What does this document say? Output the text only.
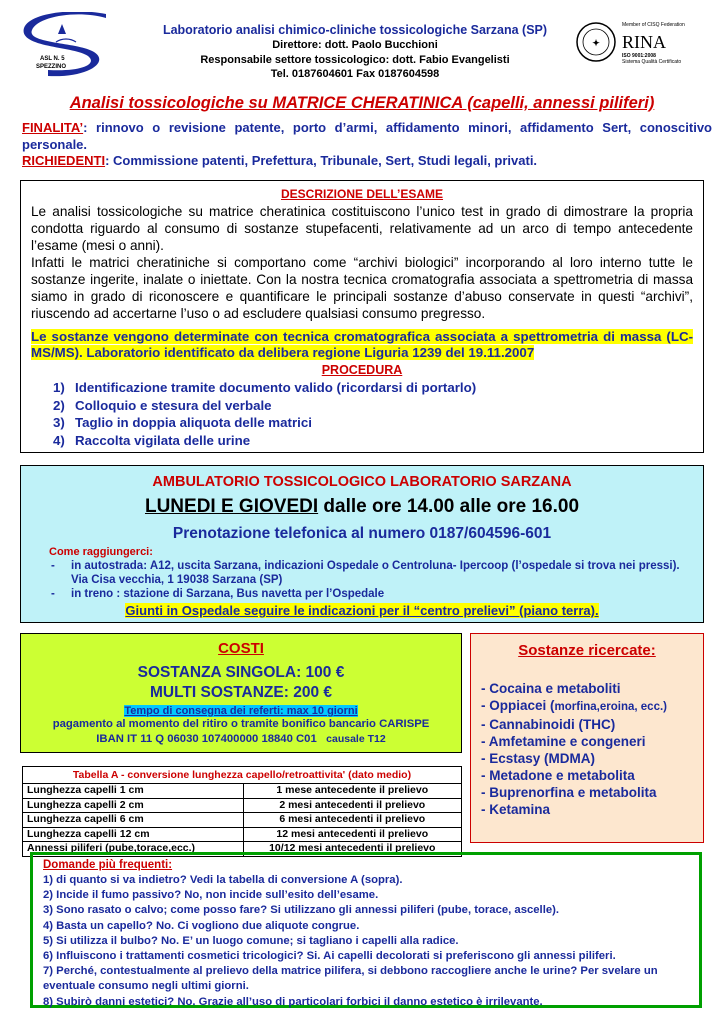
ASL N. 5
SPEZZINO
Laboratorio analisi chimico-cliniche tossicologiche Sarzana (SP)
Direttore: dott. Paolo Bucchioni
Responsabile settore tossicologico: dott. Fabio Evangelisti
Tel. 0187604601 Fax 0187604598
✦
Member of CISQ Federation
RINA
ISO 9001:2008
Sistema Qualità Certificato
Analisi tossicologiche su MATRICE CHERATINICA (capelli, annessi piliferi)
FINALITA’: rinnovo o revisione patente, porto d’armi, affidamento minori, affidamento Sert, conoscitivo personale.
RICHIEDENTI: Commissione patenti, Prefettura, Tribunale, Sert, Studi legali, privati.
DESCRIZIONE DELL’ESAME
Le analisi tossicologiche su matrice cheratinica costituiscono l’unico test in grado di dimostrare la propria condotta riguardo al consumo di sostanze stupefacenti, relativamente ad un arco di tempo antecedente l’esame (mesi o anni).
Infatti le matrici cheratiniche si comportano come “archivi biologici” incorporando al loro interno tutte le sostanze ingerite, inalate o iniettate. Con la nostra tecnica cromatografia associata a spettrometria di massa siamo in grado di riconoscere e quantificare le principali sostanze d’abuso conservate in questi “archivi”, riuscendo ad accertarne l’uso o ad escludere qualsiasi consumo pregresso.
Le sostanze vengono determinate con tecnica cromatografica associata a spettrometria di massa (LC-MS/MS). Laboratorio identificato da delibera regione Liguria 1239 del 19.11.2007
PROCEDURA
1) Identificazione tramite documento valido (ricordarsi di portarlo)
2) Colloquio e stesura del verbale
3) Taglio in doppia aliquota delle matrici
4) Raccolta vigilata delle urine
AMBULATORIO TOSSICOLOGICO LABORATORIO SARZANA
LUNEDI E GIOVEDI dalle ore 14.00 alle ore 16.00
Prenotazione telefonica al numero 0187/604596-601
Come raggiungerci:
- in autostrada: A12, uscita Sarzana, indicazioni Ospedale o Centroluna- Ipercoop (l’ospedale si trova nei pressi). Via Cisa vecchia, 1 19038 Sarzana (SP)
- in treno : stazione di Sarzana, Bus navetta per l’Ospedale
Giunti in Ospedale seguire le indicazioni per il “centro prelievi” (piano terra).
COSTI
SOSTANZA SINGOLA: 100 €
MULTI SOSTANZE: 200 €
Tempo di consegna dei referti: max 10 giorni
pagamento al momento del ritiro o tramite bonifico bancario CARISPE
IBAN IT 11 Q 06030 107400000 18840 C01 causale T12
Sostanze ricercate:
- Cocaina e metaboliti
- Oppiacei (morfina,eroina, ecc.)
- Cannabinoidi (THC)
- Amfetamine e congeneri
- Ecstasy (MDMA)
- Metadone e metabolita
- Buprenorfina e metabolita
- Ketamina
Tabella A - conversione lunghezza capello/retroattivita' (dato medio)
Lunghezza capelli 1 cm	1 mese antecedente il prelievo
Lunghezza capelli 2 cm	2 mesi antecedenti il prelievo
Lunghezza capelli 6 cm	6 mesi antecedenti il prelievo
Lunghezza capelli 12 cm	12 mesi antecedenti il prelievo
Annessi piliferi (pube,torace,ecc.)	10/12 mesi antecedenti il prelievo
Domande più frequenti:
1) di quanto si va indietro? Vedi la tabella di conversione A (sopra).
2) Incide il fumo passivo? No, non incide sull’esito dell’esame.
3) Sono rasato o calvo; come posso fare? Si utilizzano gli annessi piliferi (pube, torace, ascelle).
4) Basta un capello? No. Ci vogliono due aliquote congrue.
5) Si utilizza il bulbo? No. E’ un luogo comune; si tagliano i capelli alla radice.
6) Influiscono i trattamenti cosmetici tricologici? Si. Ai capelli decolorati si preferiscono gli annessi piliferi.
7) Perché, contestualmente al prelievo della matrice pilifera, si debbono raccogliere anche le urine? Per svelare un eventuale consumo negli ultimi giorni.
8) Subirò danni estetici? No. Grazie all’uso di particolari forbici il danno estetico è irrilevante.
